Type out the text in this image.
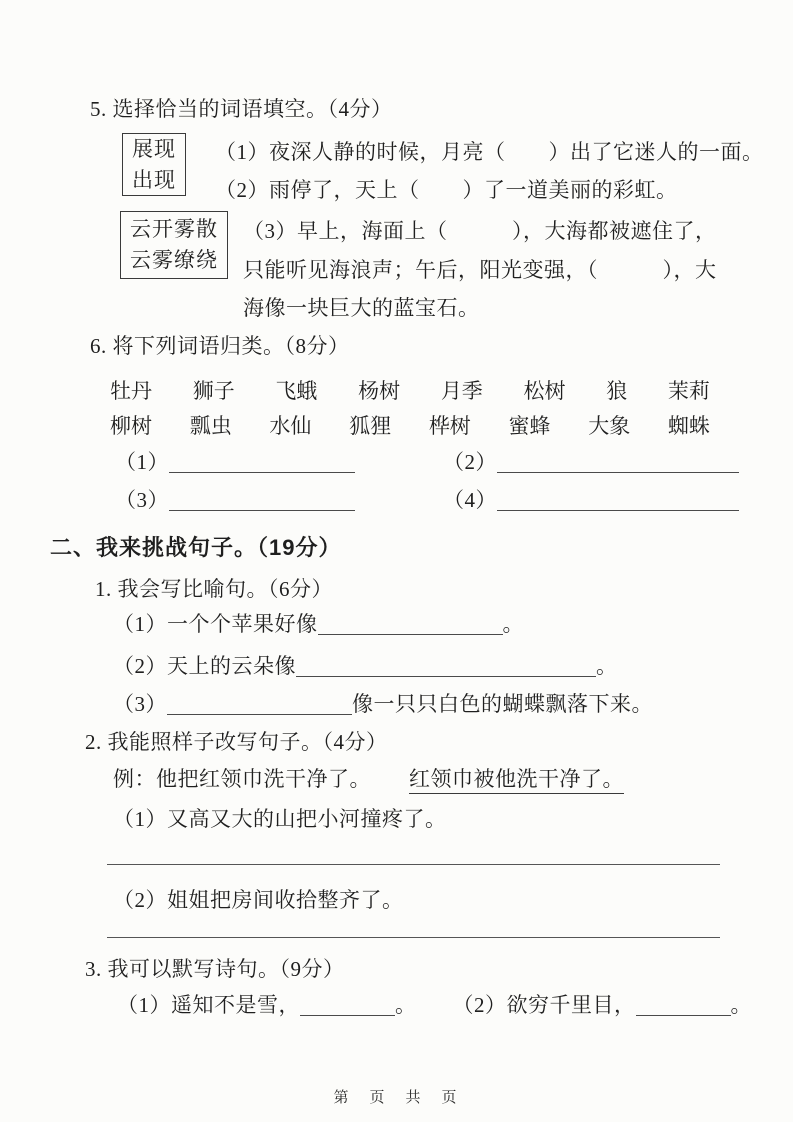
5. 选择恰当的词语填空。（4分）
展现
出现
（1）夜深人静的时候，月亮（　　）出了它迷人的一面。
（2）雨停了，天上（　　）了一道美丽的彩虹。
云开雾散
云雾缭绕
（3）早上，海面上（　　　），大海都被遮住了，
只能听见海浪声；午后，阳光变强，（　　　），大
海像一块巨大的蓝宝石。
6. 将下列词语归类。（8分）
牡丹 狮子 飞蛾 杨树 月季 松树 狼 茉莉
柳树 瓢虫 水仙 狐狸 桦树 蜜蜂 大象 蜘蛛
（1）	（2）
（3）	（4）
二、我来挑战句子。（19分）
1. 我会写比喻句。（6分）
（1）一个个苹果好像	。
（2）天上的云朵像	。
（3）	像一只只白色的蝴蝶飘落下来。
2. 我能照样子改写句子。（4分）
例：他把红领巾洗干净了。 红领巾被他洗干净了。
（1）又高又大的山把小河撞疼了。
（2）姐姐把房间收拾整齐了。
3. 我可以默写诗句。（9分）
（1）遥知不是雪，	。 （2）欲穷千里目，	。
第　页　共　页
